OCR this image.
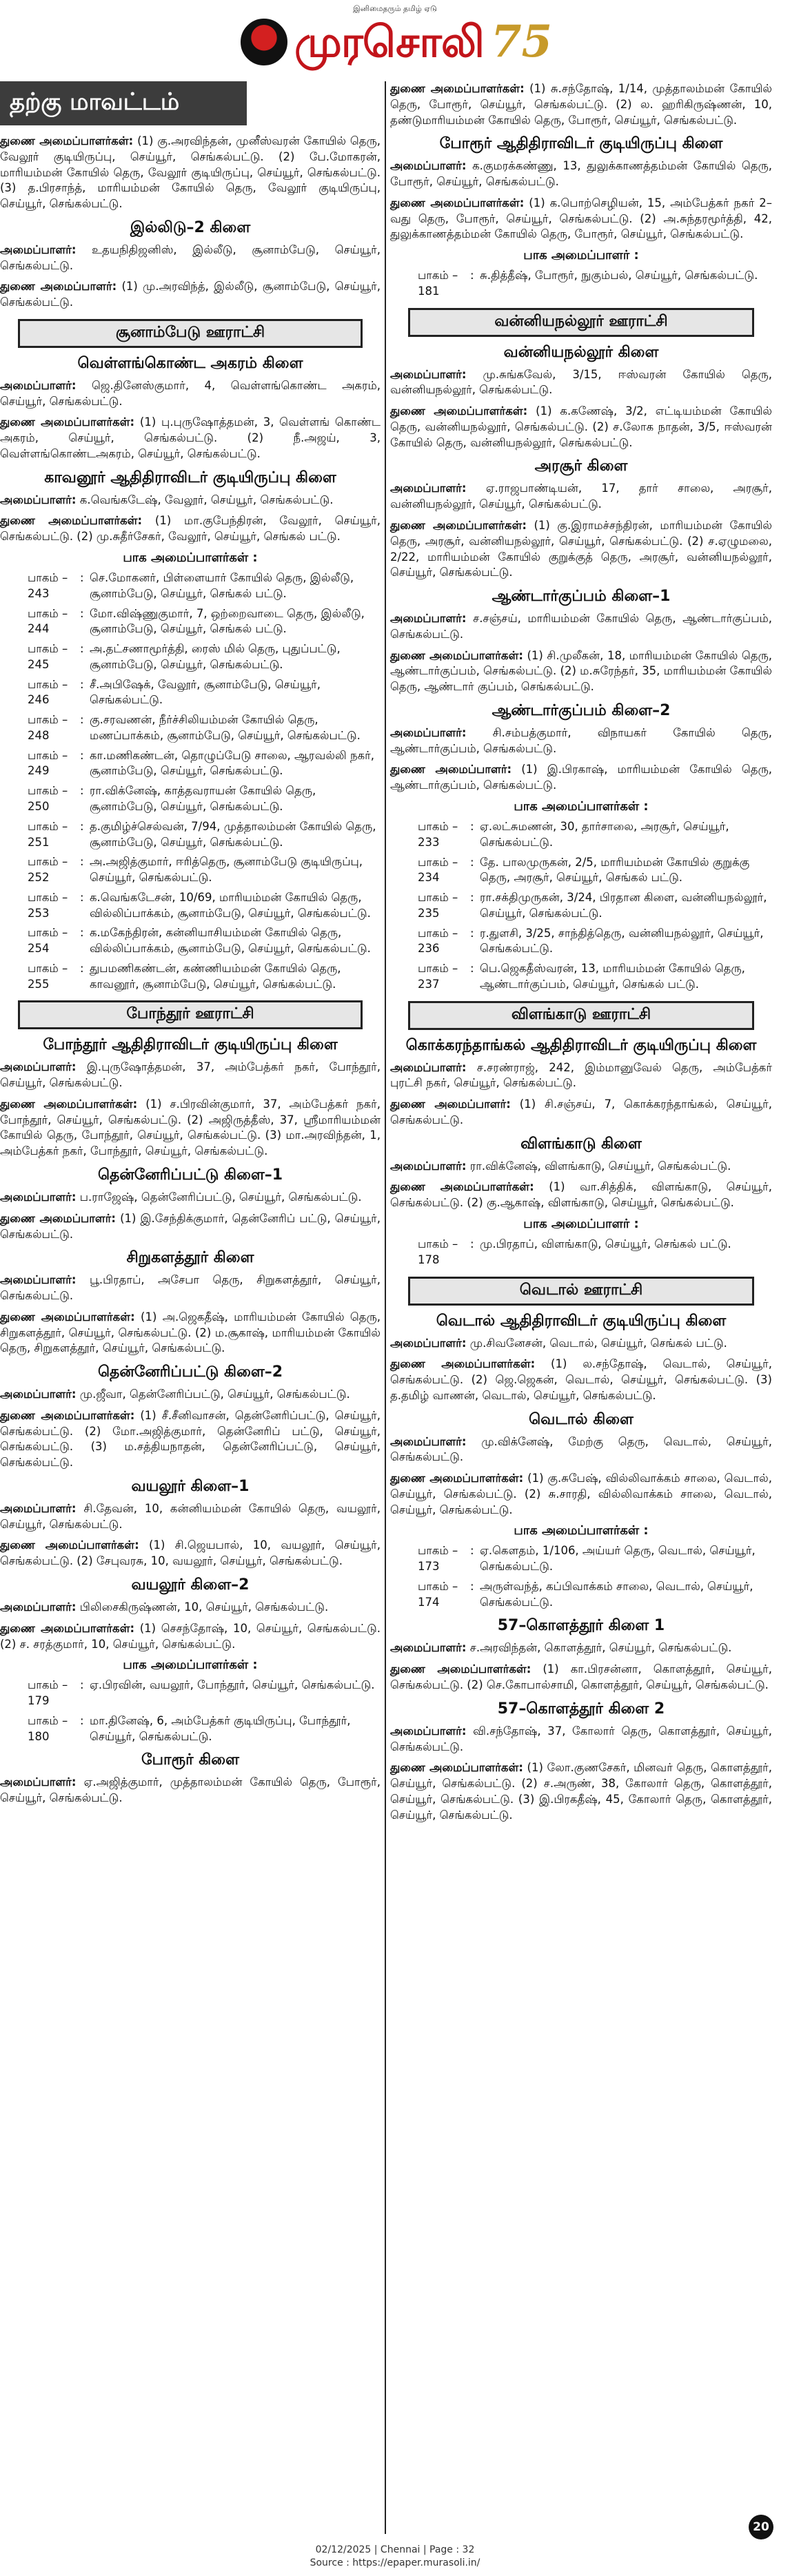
இனிமைதரும் தமிழ் ஏடு
முரசொலி 75
தற்கு மாவட்டம்

துணை அமைப்பாளர்கள்: (1) கு.அரவிந்தன், முனீஸ்வரன் கோயில் தெரு, வேலூர் குடியிருப்பு, செய்யூர், செங்கல்பட்டு. (2) பே.மோகரன், மாரியம்மன் கோயில் தெரு, வேலூர் குடியிருப்பு, செய்யூர், செங்கல்பட்டு. (3) த.பிரசாந்த், மாரியம்மன் கோயில் தெரு, வேலூர் குடியிருப்பு, செய்யூர், செங்கல்பட்டு.

இல்லிடு–2 கிளை

அமைப்பாளர்: உதயநிதிஜனிஸ், இல்லீடு, சூனாம்பேடு, செய்யூர், செங்கல்பட்டு.

துணை அமைப்பாளர்: (1) மு.அரவிந்த், இல்லீடு, சூனாம்பேடு, செய்யூர், செங்கல்பட்டு.

சூனாம்பேடு ஊராட்சி
வெள்ளங்கொண்ட அகரம் கிளை

அமைப்பாளர்: ஜெ.தினேஸ்குமார், 4, வெள்ளங்கொண்ட அகரம், செய்யூர், செங்கல்பட்டு.

துணை அமைப்பாளர்கள்: (1) பு.புருஷோத்தமன், 3, வெள்ளங் கொண்ட அகரம், செய்யூர், செங்கல்பட்டு. (2) நீ.அஜய், 3, வெள்ளங்கொண்டஅகரம், செய்யூர், செங்கல்பட்டு.

காவனூர் ஆதிதிராவிடர் குடியிருப்பு கிளை

அமைப்பாளர்: க.வெங்கடேஷ், வேலூர், செய்யூர், செங்கல்பட்டு.

துணை அமைப்பாளர்கள்: (1) மா.குபேந்திரன், வேலூர், செய்யூர், செங்கல்பட்டு. (2) மு.சுதீர்சேகர், வேலூர், செய்யூர், செங்கல் பட்டு.

பாக அமைப்பாளர்கள் :
பாகம் – 243
: செ.மோகனர், பிள்ளையார் கோயில் தெரு, இல்லீடு, சூனாம்பேடு, செய்யூர், செங்கல் பட்டு.
பாகம் – 244
: மோ.விஷ்ணுகுமார், 7, ஒற்றைவாடை தெரு, இல்லீடு, சூனாம்பேடு, செய்யூர், செங்கல் பட்டு.
பாகம் – 245
: அ.தட்சணாமூர்த்தி, ரைஸ் மில் தெரு, புதுப்பட்டு, சூனாம்பேடு, செய்யூர், செங்கல்பட்டு.
பாகம் – 246
: சீ.அபிஷேக், வேலூர், சூனாம்பேடு, செய்யூர், செங்கல்பட்டு.
பாகம் – 248
: கு.சரவணன், நீர்ச்சிலியம்மன் கோயில் தெரு, மணப்பாக்கம், சூனாம்பேடு, செய்யூர், செங்கல்பட்டு.
பாகம் – 249
: கா.மணிகண்டன், தொழுப்பேடு சாலை, ஆரவல்லி நகர், சூனாம்பேடு, செய்யூர், செங்கல்பட்டு.
பாகம் – 250
: ரா.விக்னேஷ், காத்தவராயன் கோயில் தெரு, சூனாம்பேடு, செய்யூர், செங்கல்பட்டு.
பாகம் – 251
: த.குமிழ்ச்செல்வன், 7/94, முத்தாலம்மன் கோயில் தெரு, சூனாம்பேடு, செய்யூர், செங்கல்பட்டு.
பாகம் – 252
: அ.அஜித்குமார், ஈரித்தெரு, சூனாம்பேடு குடியிருப்பு, செய்யூர், செங்கல்பட்டு.
பாகம் – 253
: க.வெங்கடேசன், 10/69, மாரியம்மன் கோயில் தெரு, வில்லிப்பாக்கம், சூனாம்பேடு, செய்யூர், செங்கல்பட்டு.
பாகம் – 254
: க.மகேந்திரன், கன்னியாசியம்மன் கோயில் தெரு, வில்லிப்பாக்கம், சூனாம்பேடு, செய்யூர், செங்கல்பட்டு.
பாகம் – 255
: துபமணிகண்டன், கண்ணியம்மன் கோயில் தெரு, காவனூர், சூனாம்பேடு, செய்யூர், செங்கல்பட்டு.
போந்தூர் ஊராட்சி
போந்தூர் ஆதிதிராவிடர் குடியிருப்பு கிளை

அமைப்பாளர்: இ.புருஷோத்தமன், 37, அம்பேத்கர் நகர், போந்தூர், செய்யூர், செங்கல்பட்டு.

துணை அமைப்பாளர்கள்: (1) ச.பிரவின்குமார், 37, அம்பேத்கர் நகர், போந்தூர், செய்யூர், செங்கல்பட்டு. (2) அஜிருத்தீஸ், 37, ஸ்ரீமாரியம்மன் கோயில் தெரு, போந்தூர், செய்யூர், செங்கல்பட்டு. (3) மா.அரவிந்தன், 1, அம்பேத்கர் நகர், போந்தூர், செய்யூர், செங்கல்பட்டு.

தென்னேரிப்பட்டு கிளை–1

அமைப்பாளர்: ப.ராஜேஷ், தென்னேரிப்பட்டு, செய்யூர், செங்கல்பட்டு.

துணை அமைப்பாளர்: (1) இ.சேந்திக்குமார், தென்னேரிப் பட்டு, செய்யூர், செங்கல்பட்டு.

சிறுகளத்தூர் கிளை

அமைப்பாளர்: பூ.பிரதாப், அசேபா தெரு, சிறுகளத்தூர், செய்யூர், செங்கல்பட்டு.

துணை அமைப்பாளர்கள்: (1) அ.ஜெகதீஷ், மாரியம்மன் கோயில் தெரு, சிறுகளத்தூர், செய்யூர், செங்கல்பட்டு. (2) ம.சூகாஷ், மாரியம்மன் கோயில் தெரு, சிறுகளத்தூர், செய்யூர், செங்கல்பட்டு.

தென்னேரிப்பட்டு கிளை–2

அமைப்பாளர்: மு.ஜீவா, தென்னேரிப்பட்டு, செய்யூர், செங்கல்பட்டு.

துணை அமைப்பாளர்கள்: (1) சீ.சீனிவாசன், தென்னேரிப்பட்டு, செய்யூர், செங்கல்பட்டு. (2) மோ.அஜித்குமார், தென்னேரிப் பட்டு, செய்யூர், செங்கல்பட்டு. (3) ம.சத்தியநாதன், தென்னேரிப்பட்டு, செய்யூர், செங்கல்பட்டு.

வயலூர் கிளை–1

அமைப்பாளர்: சி.தேவன், 10, கன்னியம்மன் கோயில் தெரு, வயலூர், செய்யூர், செங்கல்பட்டு.

துணை அமைப்பாளர்கள்: (1) சி.ஜெயபால், 10, வயலூர், செய்யூர், செங்கல்பட்டு. (2) சேபுவரசு, 10, வயலூர், செய்யூர், செங்கல்பட்டு.

வயலூர் கிளை–2

அமைப்பாளர்: பிலிசைகிருஷ்ணன், 10, செய்யூர், செங்கல்பட்டு.

துணை அமைப்பாளர்கள்: (1) செசந்தோஷ், 10, செய்யூர், செங்கல்பட்டு. (2) ச. சரத்குமார், 10, செய்யூர், செங்கல்பட்டு.

பாக அமைப்பாளர்கள் :
பாகம் – 179
: ஏ.பிரவின், வயலூர், போந்தூர், செய்யூர், செங்கல்பட்டு.
பாகம் – 180
: மா.தினேஷ், 6, அம்பேத்கர் குடியிருப்பு, போந்தூர், செய்யூர், செங்கல்பட்டு.
போரூர் கிளை

அமைப்பாளர்: ஏ.அஜித்குமார், முத்தாலம்மன் கோயில் தெரு, போரூர், செய்யூர், செங்கல்பட்டு.

துணை அமைப்பாளர்கள்: (1) சு.சந்தோஷ், 1/14, முத்தாலம்மன் கோயில் தெரு, போரூர், செய்யூர், செங்கல்பட்டு. (2) ல. ஹரிகிருஷ்ணன், 10, தண்டுமாரியம்மன் கோயில் தெரு, போரூர், செய்யூர், செங்கல்பட்டு.

போரூர் ஆதிதிராவிடர் குடியிருப்பு கிளை

அமைப்பாளர்: க.குமரக்கண்ணு, 13, துலுக்காணத்தம்மன் கோயில் தெரு, போரூர், செய்யூர், செங்கல்பட்டு.

துணை அமைப்பாளர்கள்: (1) க.பொற்செழியன், 15, அம்பேத்கர் நகர் 2–வது தெரு, போரூர், செய்யூர், செங்கல்பட்டு. (2) அ.சுந்தரமூர்த்தி, 42, துலுக்காணத்தம்மன் கோயில் தெரு, போரூர், செய்யூர், செங்கல்பட்டு.

பாக அமைப்பாளர் :
பாகம் – 181
: சு.தித்தீஷ், போரூர், நுகும்பல், செய்யூர், செங்கல்பட்டு.
வன்னியநல்லூர் ஊராட்சி
வன்னியநல்லூர் கிளை

அமைப்பாளர்: மு.சுங்கவேல், 3/15, ஈஸ்வரன் கோயில் தெரு, வன்னியநல்லூர், செங்கல்பட்டு.

துணை அமைப்பாளர்கள்: (1) க.கணேஷ், 3/2, எட்டியம்மன் கோயில் தெரு, வன்னியநல்லூர், செங்கல்பட்டு. (2) ச.லோக நாதன், 3/5, ஈஸ்வரன் கோயில் தெரு, வன்னியநல்லூர், செங்கல்பட்டு.

அரசூர் கிளை

அமைப்பாளர்: ஏ.ராஜபாண்டியன், 17, தார் சாலை, அரசூர், வன்னியநல்லூர், செய்யூர், செங்கல்பட்டு.

துணை அமைப்பாளர்கள்: (1) கு.இராமச்சந்திரன், மாரியம்மன் கோயில் தெரு, அரசூர், வன்னியநல்லூர், செய்யூர், செங்கல்பட்டு. (2) ச.ஏழுமலை, 2/22, மாரியம்மன் கோயில் குறுக்குத் தெரு, அரசூர், வன்னியநல்லூர், செய்யூர், செங்கல்பட்டு.

ஆண்டார்குப்பம் கிளை–1

அமைப்பாளர்: ச.சஞ்சய், மாரியம்மன் கோயில் தெரு, ஆண்டார்குப்பம், செங்கல்பட்டு.

துணை அமைப்பாளர்கள்: (1) சி.முலீகன், 18, மாரியம்மன் கோயில் தெரு, ஆண்டார்குப்பம், செங்கல்பட்டு. (2) ம.சுரேந்தர், 35, மாரியம்மன் கோயில் தெரு, ஆண்டார் குப்பம், செங்கல்பட்டு.

ஆண்டார்குப்பம் கிளை–2

அமைப்பாளர்: சி.சம்பத்குமார், விநாயகர் கோயில் தெரு, ஆண்டார்குப்பம், செங்கல்பட்டு.

துணை அமைப்பாளர்: (1) இ.பிரகாஷ், மாரியம்மன் கோயில் தெரு, ஆண்டார்குப்பம், செங்கல்பட்டு.

பாக அமைப்பாளர்கள் :
பாகம் – 233
: ஏ.லட்சுமணன், 30, தார்சாலை, அரசூர், செய்யூர், செங்கல்பட்டு.
பாகம் – 234
: தே. பாலமுருகன், 2/5, மாரியம்மன் கோயில் குறுக்கு தெரு, அரசூர், செய்யூர், செங்கல் பட்டு.
பாகம் – 235
: ரா.சக்திமுருகன், 3/24, பிரதான கிளை, வன்னியநல்லூர், செய்யூர், செங்கல்பட்டு.
பாகம் – 236
: ர.துளசி, 3/25, சாந்தித்தெரு, வன்னியநல்லூர், செய்யூர், செங்கல்பட்டு.
பாகம் – 237
: பெ.ஜெகதீஸ்வரன், 13, மாரியம்மன் கோயில் தெரு, ஆண்டார்குப்பம், செய்யூர், செங்கல் பட்டு.
விளங்காடு ஊராட்சி
கொக்கரந்தாங்கல் ஆதிதிராவிடர் குடியிருப்பு கிளை

அமைப்பாளர்: ச.சரண்ராஜ், 242, இம்மானுவேல் தெரு, அம்பேத்கர் புரட்சி நகர், செய்யூர், செங்கல்பட்டு.

துணை அமைப்பாளர்: (1) சி.சஞ்சய், 7, கொக்கரந்தாங்கல், செய்யூர், செங்கல்பட்டு.

விளங்காடு கிளை

அமைப்பாளர்: ரா.விக்னேஷ், விளங்காடு, செய்யூர், செங்கல்பட்டு.

துணை அமைப்பாளர்கள்: (1) வா.சித்திக், விளங்காடு, செய்யூர், செங்கல்பட்டு. (2) கு.ஆகாஷ், விளங்காடு, செய்யூர், செங்கல்பட்டு.

பாக அமைப்பாளர் :
பாகம் – 178
: மு.பிரதாப், விளங்காடு, செய்யூர், செங்கல் பட்டு.
வெடால் ஊராட்சி
வெடால் ஆதிதிராவிடர் குடியிருப்பு கிளை

அமைப்பாளர்: மு.சிவனேசன், வெடால், செய்யூர், செங்கல் பட்டு.

துணை அமைப்பாளர்கள்: (1) ல.சந்தோஷ், வெடால், செய்யூர், செங்கல்பட்டு. (2) ஜெ.ஜெகன், வெடால், செய்யூர், செங்கல்பட்டு. (3) த.தமிழ் வாணன், வெடால், செய்யூர், செங்கல்பட்டு.

வெடால் கிளை

அமைப்பாளர்: மு.விக்னேஷ், மேற்கு தெரு, வெடால், செய்யூர், செங்கல்பட்டு.

துணை அமைப்பாளர்கள்: (1) கு.சுபேஷ், வில்லிவாக்கம் சாலை, வெடால், செய்யூர், செங்கல்பட்டு. (2) சு.சாரதி, வில்லிவாக்கம் சாலை, வெடால், செய்யூர், செங்கல்பட்டு.

பாக அமைப்பாளர்கள் :
பாகம் – 173
: ஏ.கௌதம், 1/106, அய்யர் தெரு, வெடால், செய்யூர், செங்கல்பட்டு.
பாகம் – 174
: அருள்வந்த், கப்பிவாக்கம் சாலை, வெடால், செய்யூர், செங்கல்பட்டு.
57–கொளத்தூர் கிளை 1

அமைப்பாளர்: ச.அரவிந்தன், கொளத்தூர், செய்யூர், செங்கல்பட்டு.

துணை அமைப்பாளர்கள்: (1) கா.பிரசன்னா, கொளத்தூர், செய்யூர், செங்கல்பட்டு. (2) செ.கோபால்சாமி, கொளத்தூர், செய்யூர், செங்கல்பட்டு.

57–கொளத்தூர் கிளை 2

அமைப்பாளர்: வி.சந்தோஷ், 37, கோலார் தெரு, கொளத்தூர், செய்யூர், செங்கல்பட்டு.

துணை அமைப்பாளர்கள்: (1) லோ.குணசேகர், மினவர் தெரு, கொளத்தூர், செய்யூர், செங்கல்பட்டு. (2) ச.அருண், 38, கோலார் தெரு, கொளத்தூர், செய்யூர், செங்கல்பட்டு. (3) இ.பிரகதீஷ், 45, கோலார் தெரு, கொளத்தூர், செய்யூர், செங்கல்பட்டு.

20
02/12/2025 | Chennai | Page : 32
Source : https://epaper.murasoli.in/
